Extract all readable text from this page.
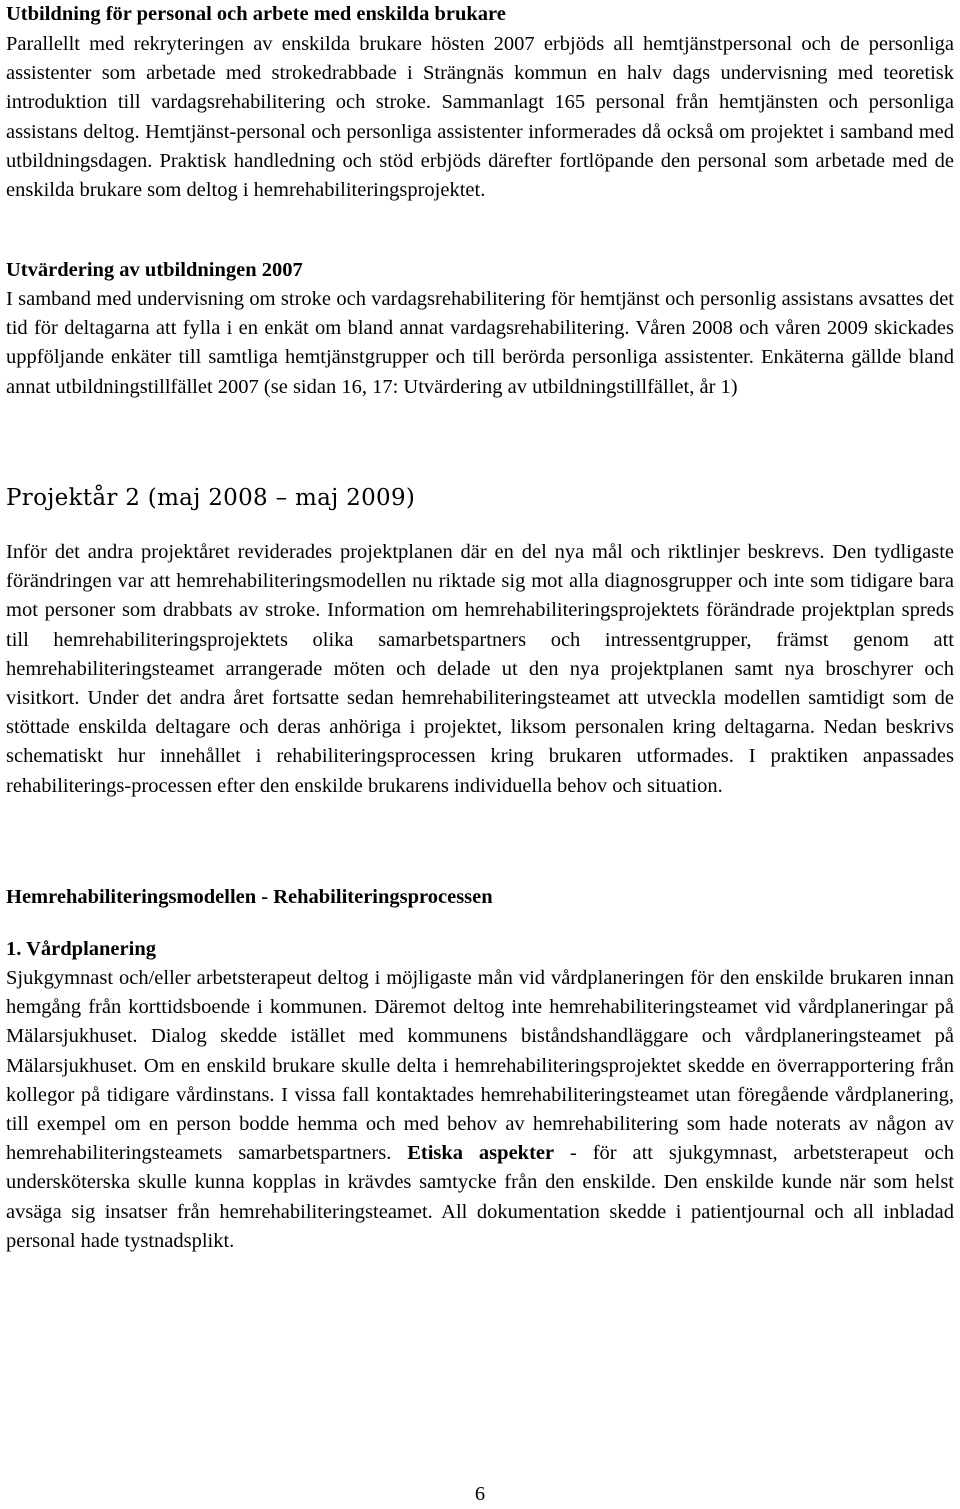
Utbildning för personal och arbete med enskilda brukare

Parallellt med rekryteringen av enskilda brukare hösten 2007 erbjöds all hemtjänstpersonal och de personliga assistenter som arbetade med strokedrabbade i Strängnäs kommun en halv dags undervisning med teoretisk introduktion till vardagsrehabilitering och stroke. Sammanlagt 165 personal från hemtjänsten och personliga assistans deltog. Hemtjänst-personal och personliga assistenter informerades då också om projektet i samband med utbildningsdagen. Praktisk handledning och stöd erbjöds därefter fortlöpande den personal som arbetade med de enskilda brukare som deltog i hemrehabiliteringsprojektet.

Utvärdering av utbildningen 2007

I samband med undervisning om stroke och vardagsrehabilitering för hemtjänst och personlig assistans avsattes det tid för deltagarna att fylla i en enkät om bland annat vardagsrehabilitering. Våren 2008 och våren 2009 skickades uppföljande enkäter till samtliga hemtjänstgrupper och till berörda personliga assistenter. Enkäterna gällde bland annat utbildningstillfället 2007 (se sidan 16, 17: Utvärdering av utbildningstillfället, år 1)

Projektår 2 (maj 2008 – maj 2009)

Inför det andra projektåret reviderades projektplanen där en del nya mål och riktlinjer beskrevs. Den tydligaste förändringen var att hemrehabiliteringsmodellen nu riktade sig mot alla diagnosgrupper och inte som tidigare bara mot personer som drabbats av stroke. Information om hemrehabiliteringsprojektets förändrade projektplan spreds till hemrehabiliteringsprojektets olika samarbetspartners och intressentgrupper, främst genom att hemrehabiliteringsteamet arrangerade möten och delade ut den nya projektplanen samt nya broschyrer och visitkort. Under det andra året fortsatte sedan hemrehabiliteringsteamet att utveckla modellen samtidigt som de stöttade enskilda deltagare och deras anhöriga i projektet, liksom personalen kring deltagarna. Nedan beskrivs schematiskt hur innehållet i rehabiliteringsprocessen kring brukaren utformades. I praktiken anpassades rehabiliterings-processen efter den enskilde brukarens individuella behov och situation.

Hemrehabiliteringsmodellen - Rehabiliteringsprocessen
1. Vårdplanering

Sjukgymnast och/eller arbetsterapeut deltog i möjligaste mån vid vårdplaneringen för den enskilde brukaren innan hemgång från korttidsboende i kommunen. Däremot deltog inte hemrehabiliteringsteamet vid vårdplaneringar på Mälarsjukhuset. Dialog skedde istället med kommunens biståndshandläggare och vårdplaneringsteamet på Mälarsjukhuset. Om en enskild brukare skulle delta i hemrehabiliteringsprojektet skedde en överrapportering från kollegor på tidigare vårdinstans. I vissa fall kontaktades hemrehabiliteringsteamet utan föregående vårdplanering, till exempel om en person bodde hemma och med behov av hemrehabilitering som hade noterats av någon av hemrehabiliteringsteamets samarbetspartners. Etiska aspekter - för att sjukgymnast, arbetsterapeut och undersköterska skulle kunna kopplas in krävdes samtycke från den enskilde. Den enskilde kunde när som helst avsäga sig insatser från hemrehabiliteringsteamet. All dokumentation skedde i patientjournal och all inbladad personal hade tystnadsplikt.

6
